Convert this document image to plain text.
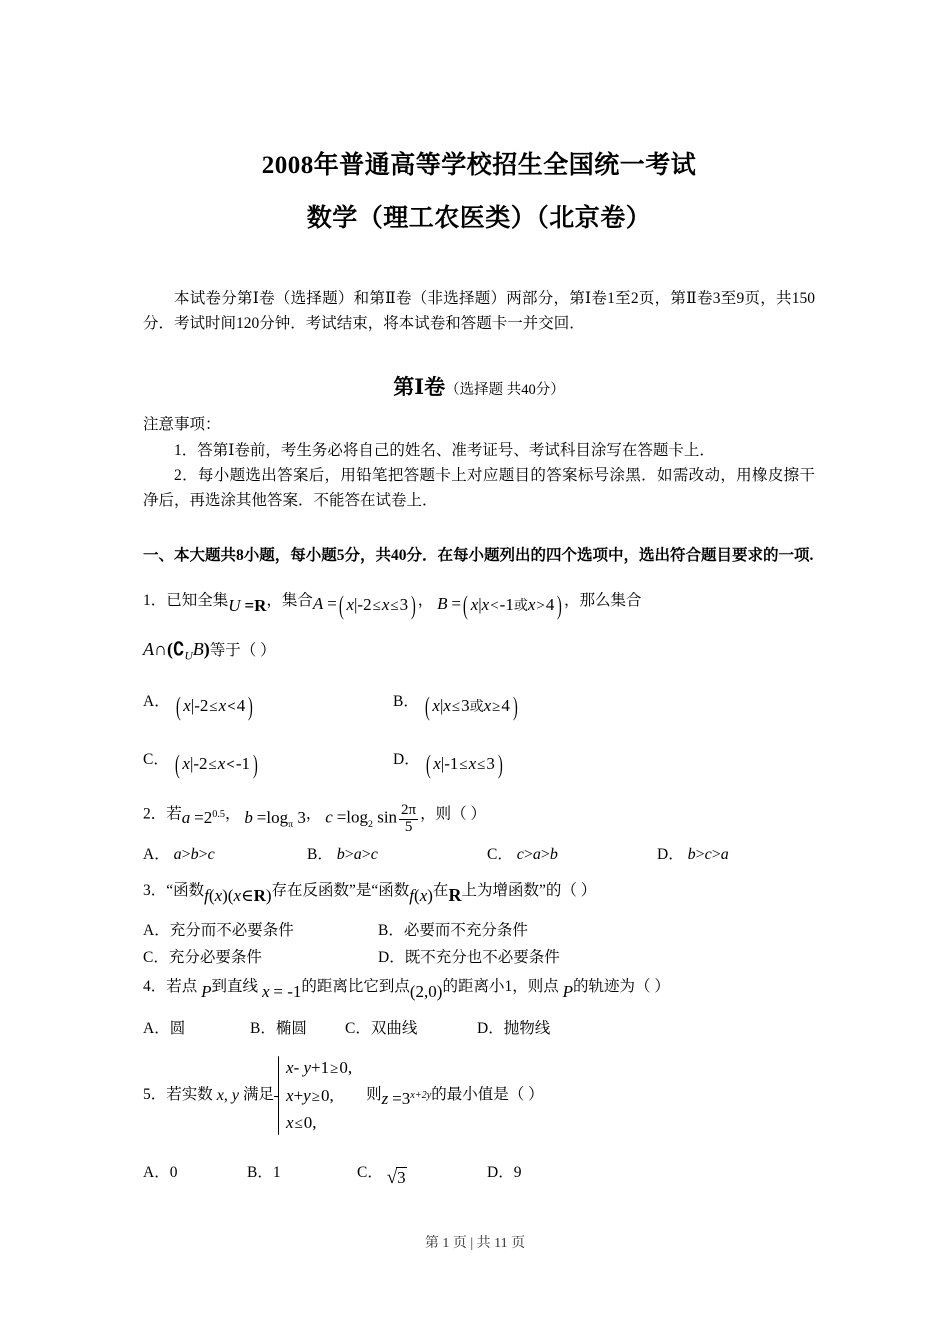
2008年普通高等学校招生全国统一考试
数学（理工农医类）（北京卷）
本试卷分第Ⅰ卷（选择题）和第Ⅱ卷（非选择题）两部分，第Ⅰ卷1至2页，第Ⅱ卷3至9页，共150分．考试时间120分钟．考试结束，将本试卷和答题卡一并交回．
第Ⅰ卷（选择题 共40分）
注意事项：
1．答第Ⅰ卷前，考生务必将自己的姓名、准考证号、考试科目涂写在答题卡上．
2．每小题选出答案后，用铅笔把答题卡上对应题目的答案标号涂黑．如需改动，用橡皮擦干净后，再选涂其他答案．不能答在试卷上．
一、本大题共8小题，每小题5分，共40分．在每小题列出的四个选项中，选出符合题目要求的一项.
1．已知全集U =R，集合A =( x|-2≤x≤3 ) ， B =( x|x<-1或x>4 ) ，那么集合
$A\cap(∁_UB)$等于（ ）
A． ( x|-2≤x<4 )	B． ( x|x≤3或x≥4 )
C． ( x|-2≤x<-1 )	D． ( x|-1≤x≤3 )
2．若$a =2^{0.5}$， $b =\log_\pi$ 3， $c =\log_2$ $\sin \frac{2\pi}{5}$ ，则（ ）
A． a>b>c	B． b>a>c	C． c>a>b	D． b>c>a
3．“函数f(x)(x∈R)存在反函数”是“函数f(x)在R上为增函数”的（ ）
A．充分而不必要条件	B．必要而不充分条件
C．充分必要条件	D．既不充分也不必要条件
4．若点 P到直线 x = -1的距离比它到点(2,0)的距离小1，则点 P的轨迹为（ ）
A．圆	B．椭圆 C．双曲线	D．抛物线
5． 若实数 x, y 满足
x- y+1≥0,
x+y≥0,
x≤0,
则 $z =3^{x+2y}$ 的最小值是（ ）
A．0	B．1	C． √3	D．9
第 1 页 | 共 11 页
